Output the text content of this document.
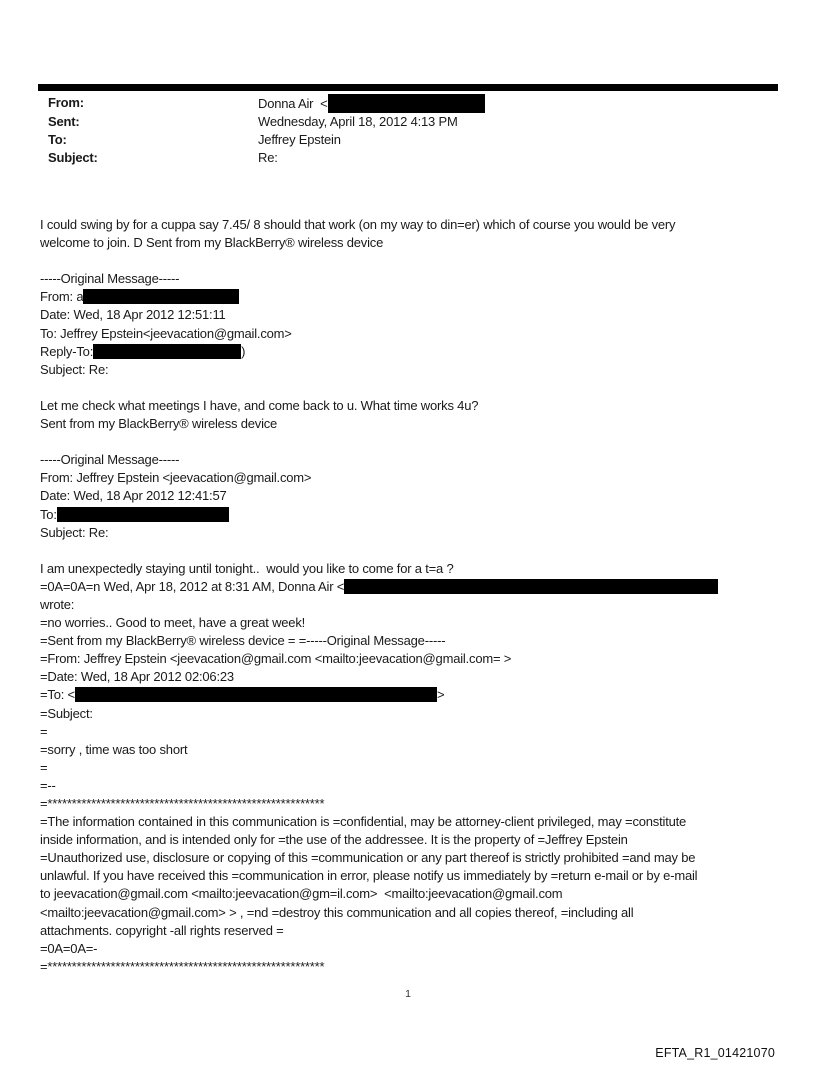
From:	Donna Air  <
Sent:	Wednesday, April 18, 2012 4:13 PM
To:	Jeffrey Epstein
Subject:	Re:
I could swing by for a cuppa say 7.45/ 8 should that work (on my way to din=er) which of course you would be very
welcome to join. D Sent from my BlackBerry® wireless device

-----Original Message-----
From: a
Date: Wed, 18 Apr 2012 12:51:11
To: Jeffrey Epstein<jeevacation@gmail.com>
Reply-To:	)
Subject: Re:

Let me check what meetings I have, and come back to u. What time works 4u?
Sent from my BlackBerry® wireless device

-----Original Message-----
From: Jeffrey Epstein <jeevacation@gmail.com>
Date: Wed, 18 Apr 2012 12:41:57
To:
Subject: Re:

I am unexpectedly staying until tonight..  would you like to come for a t=a ?
=0A=0A=n Wed, Apr 18, 2012 at 8:31 AM, Donna Air <
wrote:
=no worries.. Good to meet, have a great week!
=Sent from my BlackBerry® wireless device = =-----Original Message-----
=From: Jeffrey Epstein <jeevacation@gmail.com <mailto:jeevacation@gmail.com= >
=Date: Wed, 18 Apr 2012 02:06:23
=To: <	>
=Subject:
=
=sorry , time was too short
=
=--
=*********************************************************
=The information contained in this communication is =confidential, may be attorney-client privileged, may =constitute
inside information, and is intended only for =the use of the addressee. It is the property of =Jeffrey Epstein
=Unauthorized use, disclosure or copying of this =communication or any part thereof is strictly prohibited =and may be
unlawful. If you have received this =communication in error, please notify us immediately by =return e-mail or by e-mail
to jeevacation@gmail.com <mailto:jeevacation@gm=il.com>  <mailto:jeevacation@gmail.com
<mailto:jeevacation@gmail.com> > , =nd =destroy this communication and all copies thereof, =including all
attachments. copyright -all rights reserved =
=0A=0A=-
=*********************************************************
1
EFTA_R1_01421070
